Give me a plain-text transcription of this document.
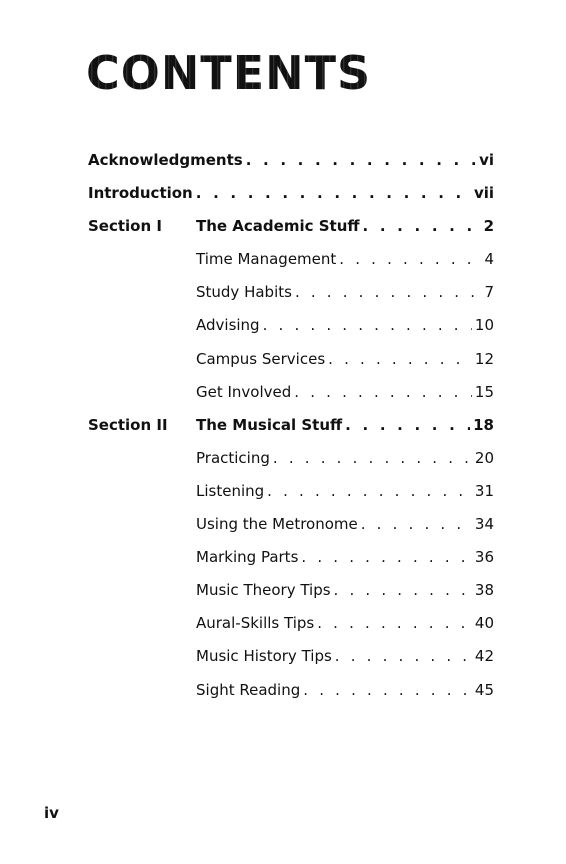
CONTENTS
Acknowledgments . . .	vi
Introduction . . .	vii
Section I	The Academic Stuff . . .	2
Time Management . . .	4
Study Habits . . .	7
Advising . . .	10
Campus Services . . .	12
Get Involved . . .	15
Section II	The Musical Stuff . . .	18
Practicing . . .	20
Listening . . .	31
Using the Metronome . . .	34
Marking Parts . . .	36
Music Theory Tips . . .	38
Aural-Skills Tips . . .	40
Music History Tips . . .	42
Sight Reading . . .	45
iv
